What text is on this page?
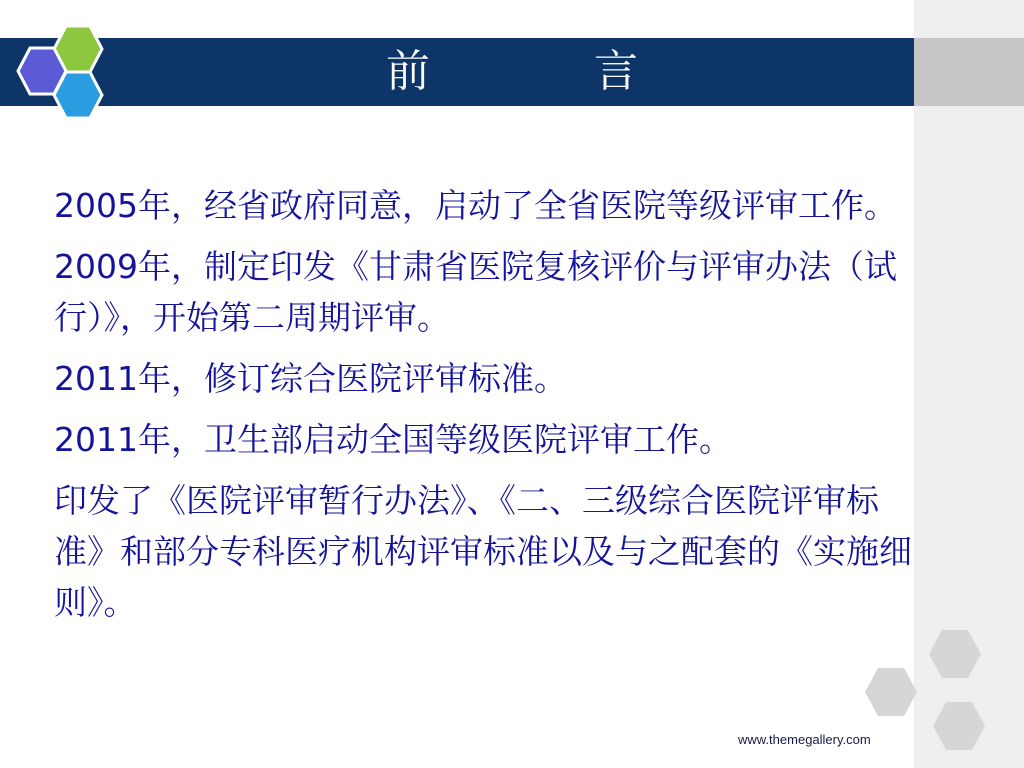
前　言

2005年，经省政府同意，启动了全省医院等级评审工作。

2009年，制定印发《甘肃省医院复核评价与评审办法（试行）》，开始第二周期评审。

2011年，修订综合医院评审标准。

2011年，卫生部启动全国等级医院评审工作。

印发了《医院评审暂行办法》、《二、三级综合医院评审标准》和部分专科医疗机构评审标准以及与之配套的《实施细则》。

www.themegallery.com
